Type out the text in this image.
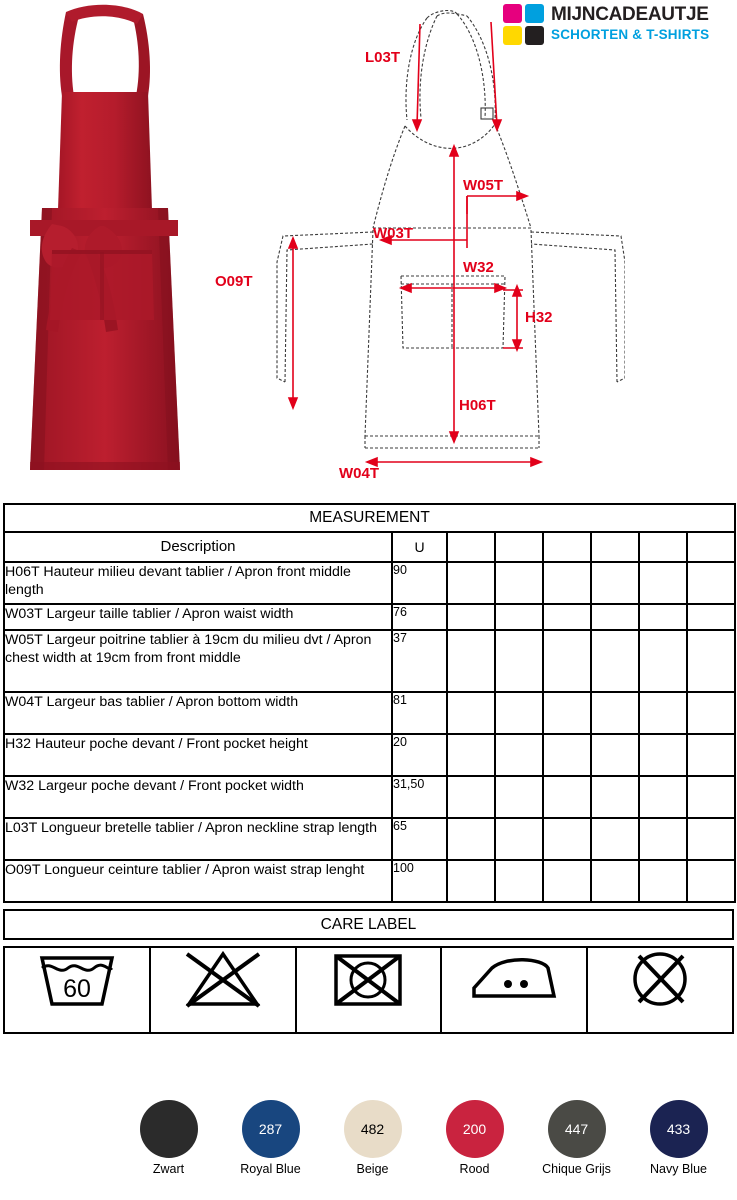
MIJNCADEAUTJE
SCHORTEN & T-SHIRTS
L03T
W05T
W03T
W32
H32
O09T
H06T
W04T
MEASUREMENT							
Description	U						
H06T Hauteur milieu devant tablier / Apron front middle length	90						
W03T Largeur taille tablier / Apron waist width	76						
W05T Largeur poitrine tablier à 19cm du milieu dvt / Apron chest width at 19cm from front middle	37						
W04T Largeur bas tablier / Apron bottom width	81						
H32 Hauteur poche devant / Front pocket height	20						
W32 Largeur poche devant / Front pocket width	31,50						
L03T Longueur bretelle tablier / Apron neckline strap length	65						
O09T Longueur ceinture tablier / Apron waist strap lenght	100						
CARE LABEL
60

Zwart
287
Royal Blue
482
Beige
200
Rood
447
Chique Grijs
433
Navy Blue
